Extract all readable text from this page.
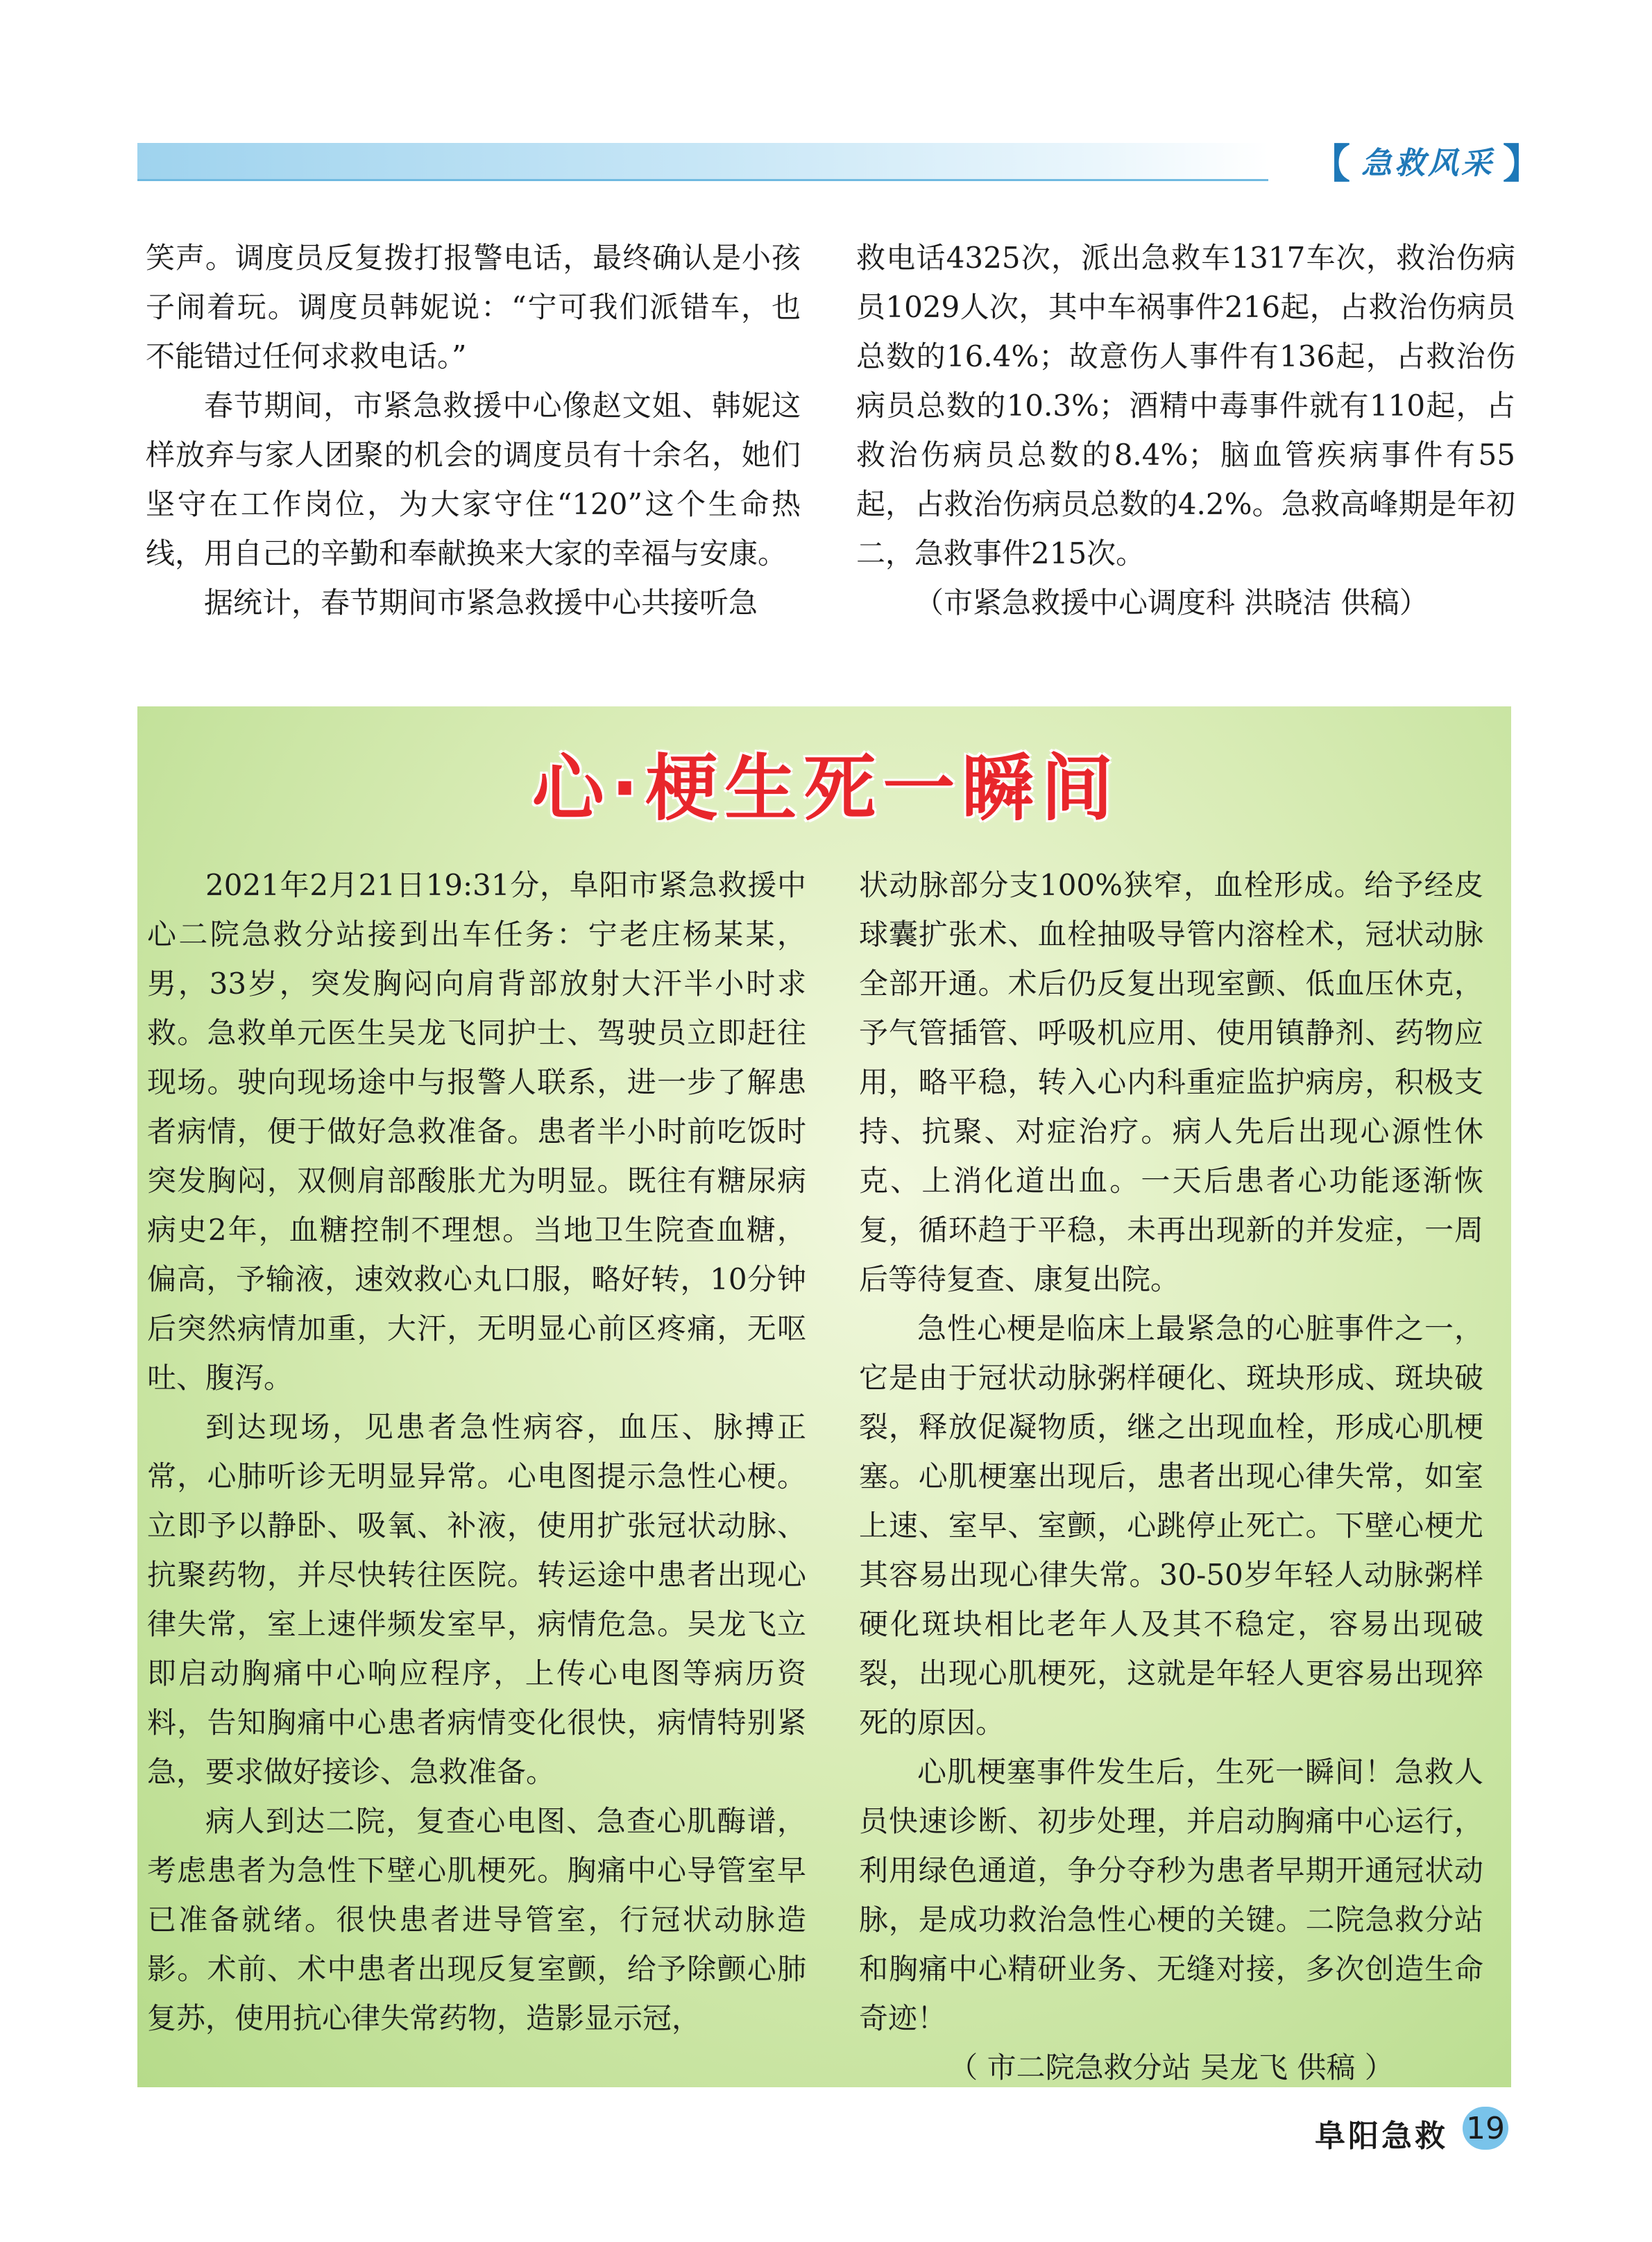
【 急救风采 】

笑声。调度员反复拨打报警电话，最终确认是小孩子闹着玩。调度员韩妮说：“宁可我们派错车，也不能错过任何求救电话。”

春节期间，市紧急救援中心像赵文姐、韩妮这样放弃与家人团聚的机会的调度员有十余名，她们坚守在工作岗位，为大家守住“120”这个生命热线，用自己的辛勤和奉献换来大家的幸福与安康。

据统计，春节期间市紧急救援中心共接听急

救电话4325次，派出急救车1317车次，救治伤病员1029人次，其中车祸事件216起，占救治伤病员总数的16.4%；故意伤人事件有136起，占救治伤病员总数的10.3%；酒精中毒事件就有110起，占救治伤病员总数的8.4%；脑血管疾病事件有55起，占救治伤病员总数的4.2%。急救高峰期是年初二，急救事件215次。

（市紧急救援中心调度科 洪晓洁 供稿）

心·梗生死一瞬间

2021年2月21日19:31分，阜阳市紧急救援中心二院急救分站接到出车任务：宁老庄杨某某，男，33岁，突发胸闷向肩背部放射大汗半小时求救。急救单元医生吴龙飞同护士、驾驶员立即赶往现场。驶向现场途中与报警人联系，进一步了解患者病情，便于做好急救准备。患者半小时前吃饭时突发胸闷，双侧肩部酸胀尤为明显。既往有糖尿病病史2年，血糖控制不理想。当地卫生院查血糖，偏高，予输液，速效救心丸口服，略好转，10分钟后突然病情加重，大汗，无明显心前区疼痛，无呕吐、腹泻。

到达现场，见患者急性病容，血压、脉搏正常，心肺听诊无明显异常。心电图提示急性心梗。立即予以静卧、吸氧、补液，使用扩张冠状动脉、抗聚药物，并尽快转往医院。转运途中患者出现心律失常，室上速伴频发室早，病情危急。吴龙飞立即启动胸痛中心响应程序，上传心电图等病历资料，告知胸痛中心患者病情变化很快，病情特别紧急，要求做好接诊、急救准备。

病人到达二院，复查心电图、急查心肌酶谱，考虑患者为急性下壁心肌梗死。胸痛中心导管室早已准备就绪。很快患者进导管室，行冠状动脉造影。术前、术中患者出现反复室颤，给予除颤心肺复苏，使用抗心律失常药物，造影显示冠，

状动脉部分支100%狭窄，血栓形成。给予经皮球囊扩张术、血栓抽吸导管内溶栓术，冠状动脉全部开通。术后仍反复出现室颤、低血压休克，予气管插管、呼吸机应用、使用镇静剂、药物应用，略平稳，转入心内科重症监护病房，积极支持、抗聚、对症治疗。病人先后出现心源性休克、上消化道出血。一天后患者心功能逐渐恢复，循环趋于平稳，未再出现新的并发症，一周后等待复查、康复出院。

急性心梗是临床上最紧急的心脏事件之一，它是由于冠状动脉粥样硬化、斑块形成、斑块破裂，释放促凝物质，继之出现血栓，形成心肌梗塞。心肌梗塞出现后，患者出现心律失常，如室上速、室早、室颤，心跳停止死亡。下壁心梗尤其容易出现心律失常。30-50岁年轻人动脉粥样硬化斑块相比老年人及其不稳定，容易出现破裂，出现心肌梗死，这就是年轻人更容易出现猝死的原因。

心肌梗塞事件发生后，生死一瞬间！急救人员快速诊断、初步处理，并启动胸痛中心运行，利用绿色通道，争分夺秒为患者早期开通冠状动脉，是成功救治急性心梗的关键。二院急救分站和胸痛中心精研业务、无缝对接，多次创造生命奇迹！

（ 市二院急救分站 吴龙飞 供稿 ）

阜阳急救 19
